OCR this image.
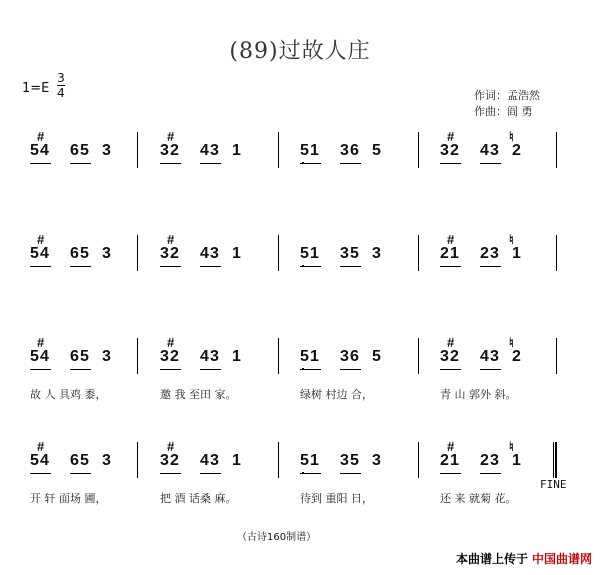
(89)过故人庄
1=E
3
4	作词：孟浩然
作曲：阎 勇
5 4
#
6 5 3	3 2
#
4 3 1	5 1 3 6 5	3 2
#
4 3 2
♮
5 4
#
6 5 3	3 2
#
4 3 1	5 1 3 5 3	2 1
#
2 3 1
♮
5 4
#
6 5 3
故 人 具鸡 黍，
3 2
#
4 3 1
邀 我 至田 家。
5 1 3 6 5
绿树 村边 合，
3 2
#
4 3 2
♮
青 山 郭外 斜。
5 4
#
6 5 3
开 轩 面场 圃，
3 2
#
4 3 1
把 酒 话桑 麻。
5 1 3 5 3
待到 重阳 日，
2 1
#
2 3 1
♮
还 来 就菊 花。
FINE
（古诗160制谱）
本曲谱上传于 中国曲谱网
